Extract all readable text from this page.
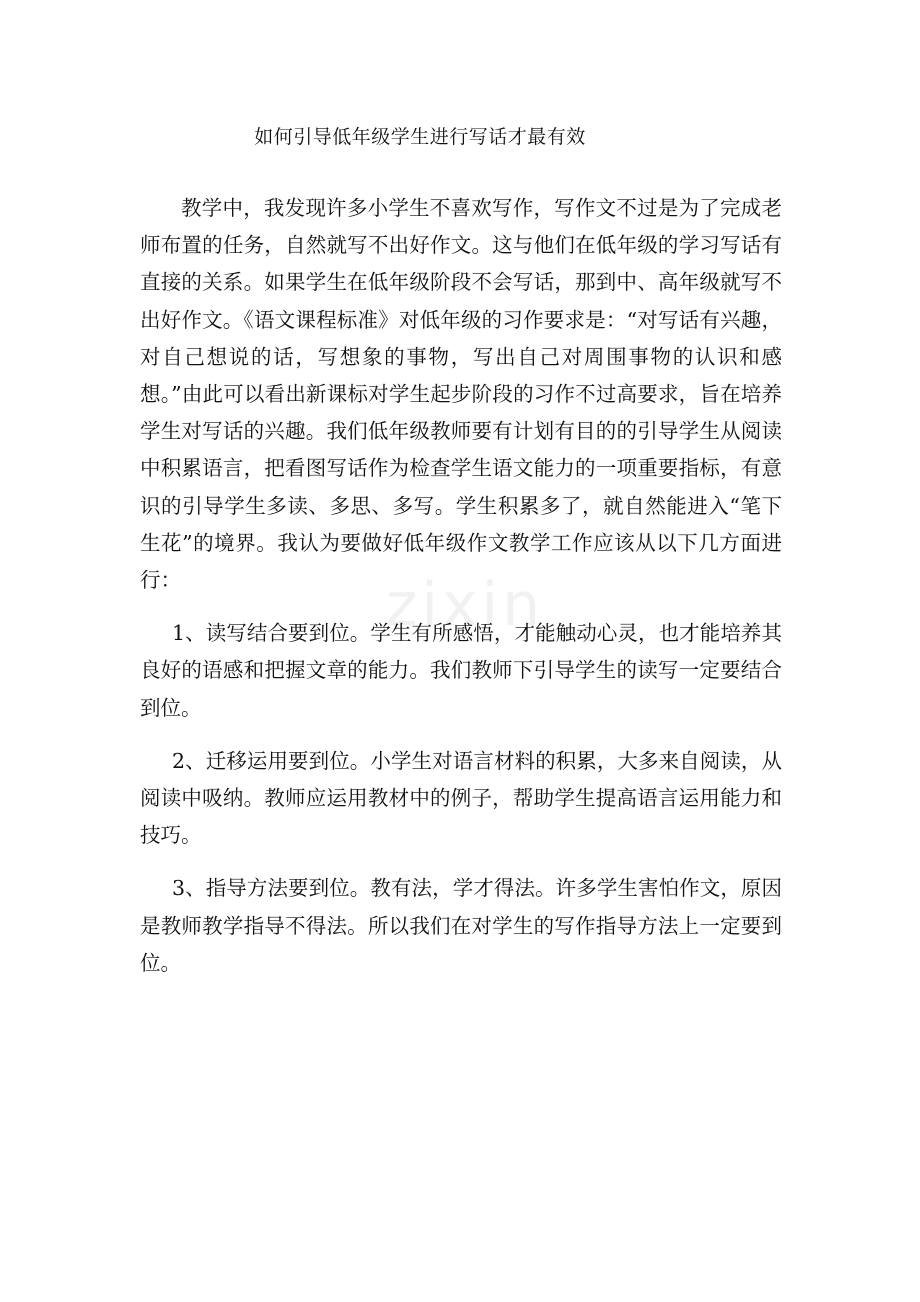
如何引导低年级学生进行写话才最有效
zixin

教学中，我发现许多小学生不喜欢写作，写作文不过是为了完成老师布置的任务，自然就写不出好作文。这与他们在低年级的学习写话有直接的关系。如果学生在低年级阶段不会写话，那到中、高年级就写不出好作文。《语文课程标准》对低年级的习作要求是：“对写话有兴趣，对自己想说的话，写想象的事物，写出自己对周围事物的认识和感想。”由此可以看出新课标对学生起步阶段的习作不过高要求，旨在培养学生对写话的兴趣。我们低年级教师要有计划有目的的引导学生从阅读中积累语言，把看图写话作为检查学生语文能力的一项重要指标，有意识的引导学生多读、多思、多写。学生积累多了，就自然能进入“笔下生花”的境界。我认为要做好低年级作文教学工作应该从以下几方面进行：

1、读写结合要到位。学生有所感悟，才能触动心灵，也才能培养其良好的语感和把握文章的能力。我们教师下引导学生的读写一定要结合到位。

2、迁移运用要到位。小学生对语言材料的积累，大多来自阅读，从阅读中吸纳。教师应运用教材中的例子，帮助学生提高语言运用能力和技巧。

3、指导方法要到位。教有法，学才得法。许多学生害怕作文，原因是教师教学指导不得法。所以我们在对学生的写作指导方法上一定要到位。
